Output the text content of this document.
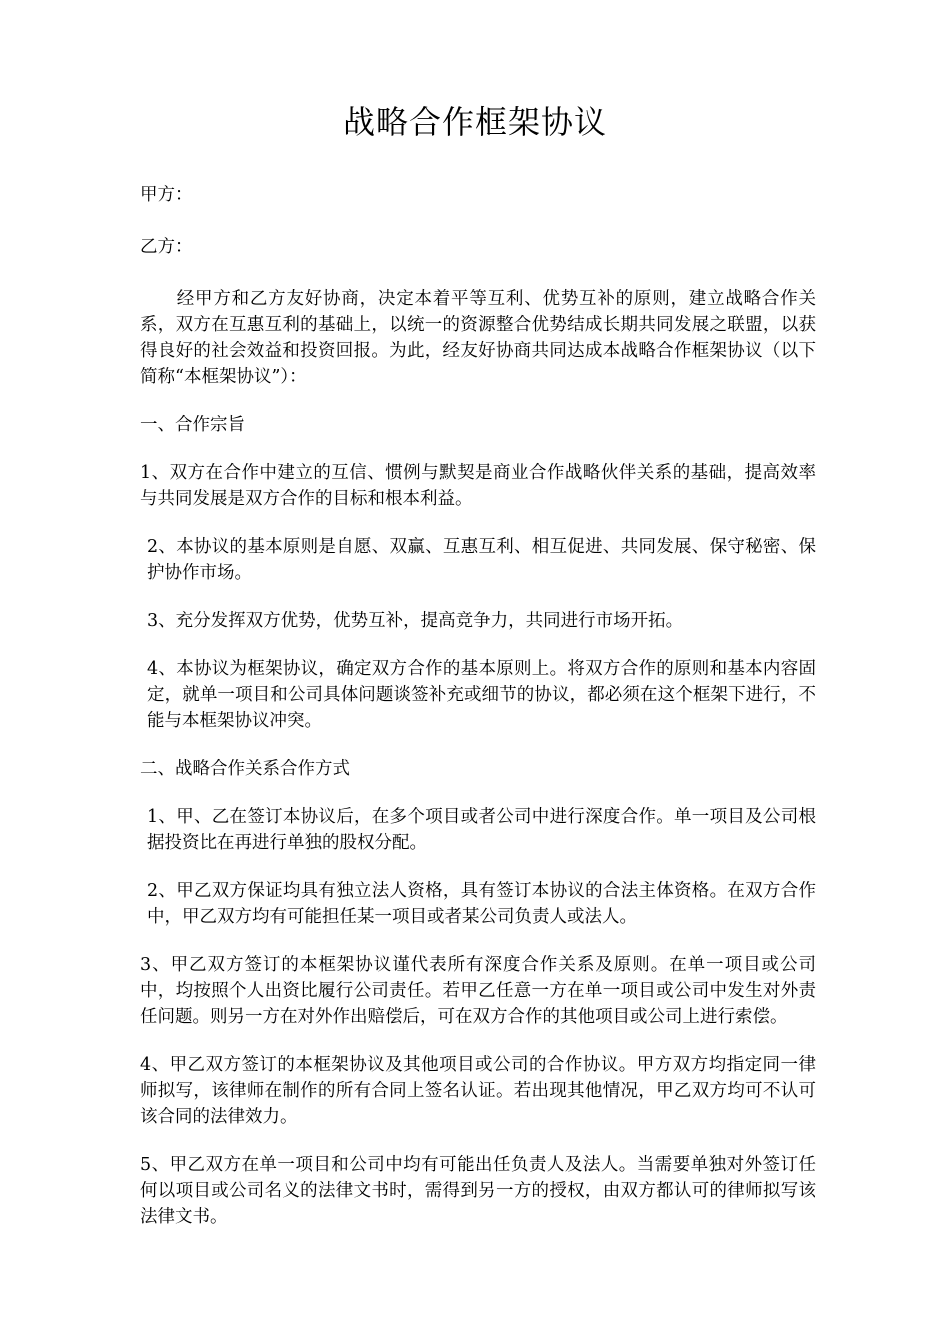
战略合作框架协议

甲方：

乙方：

经甲方和乙方友好协商，决定本着平等互利、优势互补的原则，建立战略合作关系，双方在互惠互利的基础上，以统一的资源整合优势结成长期共同发展之联盟，以获得良好的社会效益和投资回报。为此，经友好协商共同达成本战略合作框架协议（以下简称“本框架协议”）：

一、合作宗旨

1、双方在合作中建立的互信、惯例与默契是商业合作战略伙伴关系的基础，提高效率与共同发展是双方合作的目标和根本利益。

2、本协议的基本原则是自愿、双赢、互惠互利、相互促进、共同发展、保守秘密、保护协作市场。

3、充分发挥双方优势，优势互补，提高竞争力，共同进行市场开拓。

4、本协议为框架协议，确定双方合作的基本原则上。将双方合作的原则和基本内容固定，就单一项目和公司具体问题谈签补充或细节的协议，都必须在这个框架下进行，不能与本框架协议冲突。

二、战略合作关系合作方式

1、甲、乙在签订本协议后，在多个项目或者公司中进行深度合作。单一项目及公司根据投资比在再进行单独的股权分配。

2、甲乙双方保证均具有独立法人资格，具有签订本协议的合法主体资格。在双方合作中，甲乙双方均有可能担任某一项目或者某公司负责人或法人。

3、甲乙双方签订的本框架协议谨代表所有深度合作关系及原则。在单一项目或公司中，均按照个人出资比履行公司责任。若甲乙任意一方在单一项目或公司中发生对外责任问题。则另一方在对外作出赔偿后，可在双方合作的其他项目或公司上进行索偿。

4、甲乙双方签订的本框架协议及其他项目或公司的合作协议。甲方双方均指定同一律师拟写，该律师在制作的所有合同上签名认证。若出现其他情况，甲乙双方均可不认可该合同的法律效力。

5、甲乙双方在单一项目和公司中均有可能出任负责人及法人。当需要单独对外签订任何以项目或公司名义的法律文书时，需得到另一方的授权，由双方都认可的律师拟写该法律文书。
